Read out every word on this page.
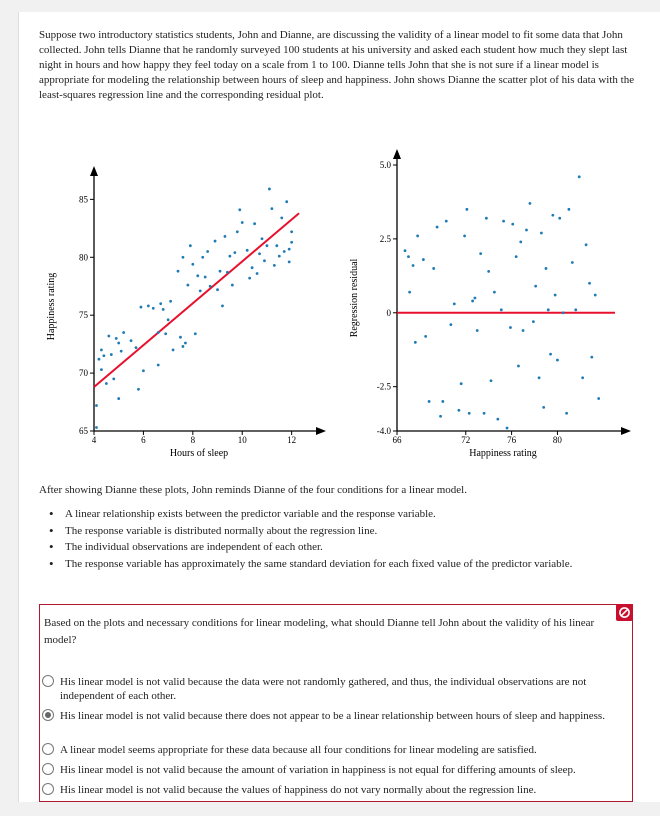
Suppose two introductory statistics students, John and Dianne, are discussing the validity of a linear model to fit some data that John collected. John tells Dianne that he randomly surveyed 100 students at his university and asked each student how much they slept last night in hours and how happy they feel today on a scale from 1 to 100. Dianne tells John that she is not sure if a linear model is appropriate for modeling the relationship between hours of sleep and happiness. John shows Dianne the scatter plot of his data with the least-squares regression line and the corresponding residual plot.

65
70
75
80
85
4	6	8	10	12
Hours of sleep
Happiness rating
-4.0
-2.5
0
2.5
5.0
66	72	76	80
Happiness rating
Regression residual

After showing Dianne these plots, John reminds Dianne of the four conditions for a linear model.

• A linear relationship exists between the predictor variable and the response variable.
• The response variable is distributed normally about the regression line.
• The individual observations are independent of each other.
• The response variable has approximately the same standard deviation for each fixed value of the predictor variable.

Based on the plots and necessary conditions for linear modeling, what should Dianne tell John about the validity of his linear model?

His linear model is not valid because the data were not randomly gathered, and thus, the individual observations are not independent of each other.
His linear model is not valid because there does not appear to be a linear relationship between hours of sleep and happiness.
A linear model seems appropriate for these data because all four conditions for linear modeling are satisfied.
His linear model is not valid because the amount of variation in happiness is not equal for differing amounts of sleep.
His linear model is not valid because the values of happiness do not vary normally about the regression line.
